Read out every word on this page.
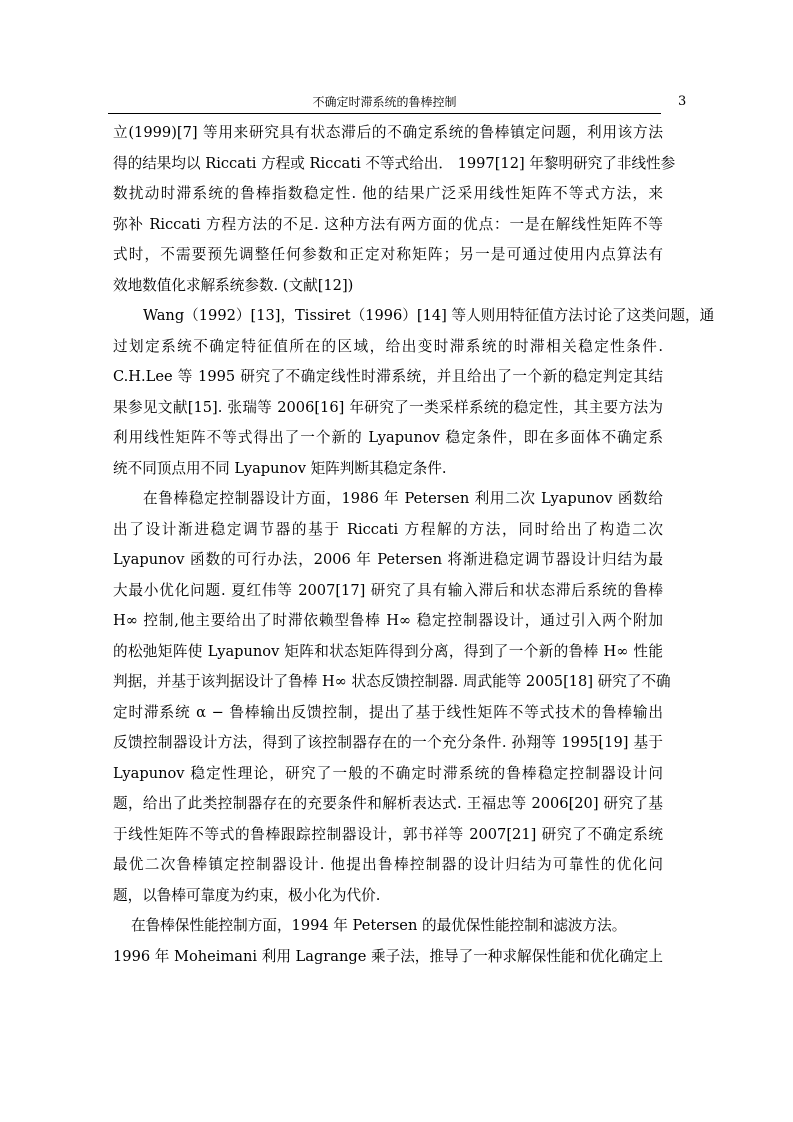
不确定时滞系统的鲁棒控制	3
立(1999)[7] 等用来研究具有状态滞后的不确定系统的鲁棒镇定问题，利用该方法
得的结果均以 Riccati 方程或 Riccati 不等式给出． 1997[12] 年黎明研究了非线性参
数扰动时滞系统的鲁棒指数稳定性. 他的结果广泛采用线性矩阵不等式方法，来
弥补 Riccati 方程方法的不足. 这种方法有两方面的优点：一是在解线性矩阵不等
式时，不需要预先调整任何参数和正定对称矩阵；另一是可通过使用内点算法有
效地数值化求解系统参数. (文献[12])
Wang（1992）[13]，Tissiret（1996）[14] 等人则用特征值方法讨论了这类问题，通
过划定系统不确定特征值所在的区域，给出变时滞系统的时滞相关稳定性条件.
C.H.Lee 等 1995 研究了不确定线性时滞系统，并且给出了一个新的稳定判定其结
果参见文献[15]. 张瑞等 2006[16] 年研究了一类采样系统的稳定性，其主要方法为
利用线性矩阵不等式得出了一个新的 Lyapunov 稳定条件，即在多面体不确定系
统不同顶点用不同 Lyapunov 矩阵判断其稳定条件.
在鲁棒稳定控制器设计方面，1986 年 Petersen 利用二次 Lyapunov 函数给
出了设计渐进稳定调节器的基于 Riccati 方程解的方法，同时给出了构造二次
Lyapunov 函数的可行办法，2006 年 Petersen 将渐进稳定调节器设计归结为最
大最小优化问题. 夏红伟等 2007[17] 研究了具有输入滞后和状态滞后系统的鲁棒
H∞ 控制,他主要给出了时滞依赖型鲁棒 H∞ 稳定控制器设计，通过引入两个附加
的松弛矩阵使 Lyapunov 矩阵和状态矩阵得到分离，得到了一个新的鲁棒 H∞ 性能
判据，并基于该判据设计了鲁棒 H∞ 状态反馈控制器. 周武能等 2005[18] 研究了不确
定时滞系统 α − 鲁棒输出反馈控制，提出了基于线性矩阵不等式技术的鲁棒输出
反馈控制器设计方法，得到了该控制器存在的一个充分条件. 孙翔等 1995[19] 基于
Lyapunov 稳定性理论，研究了一般的不确定时滞系统的鲁棒稳定控制器设计问
题，给出了此类控制器存在的充要条件和解析表达式. 王福忠等 2006[20] 研究了基
于线性矩阵不等式的鲁棒跟踪控制器设计，郭书祥等 2007[21] 研究了不确定系统
最优二次鲁棒镇定控制器设计. 他提出鲁棒控制器的设计归结为可靠性的优化问
题，以鲁棒可靠度为约束，极小化为代价.
在鲁棒保性能控制方面，1994 年 Petersen 的最优保性能控制和滤波方法。
1996 年 Moheimani 利用 Lagrange 乘子法，推导了一种求解保性能和优化确定上
